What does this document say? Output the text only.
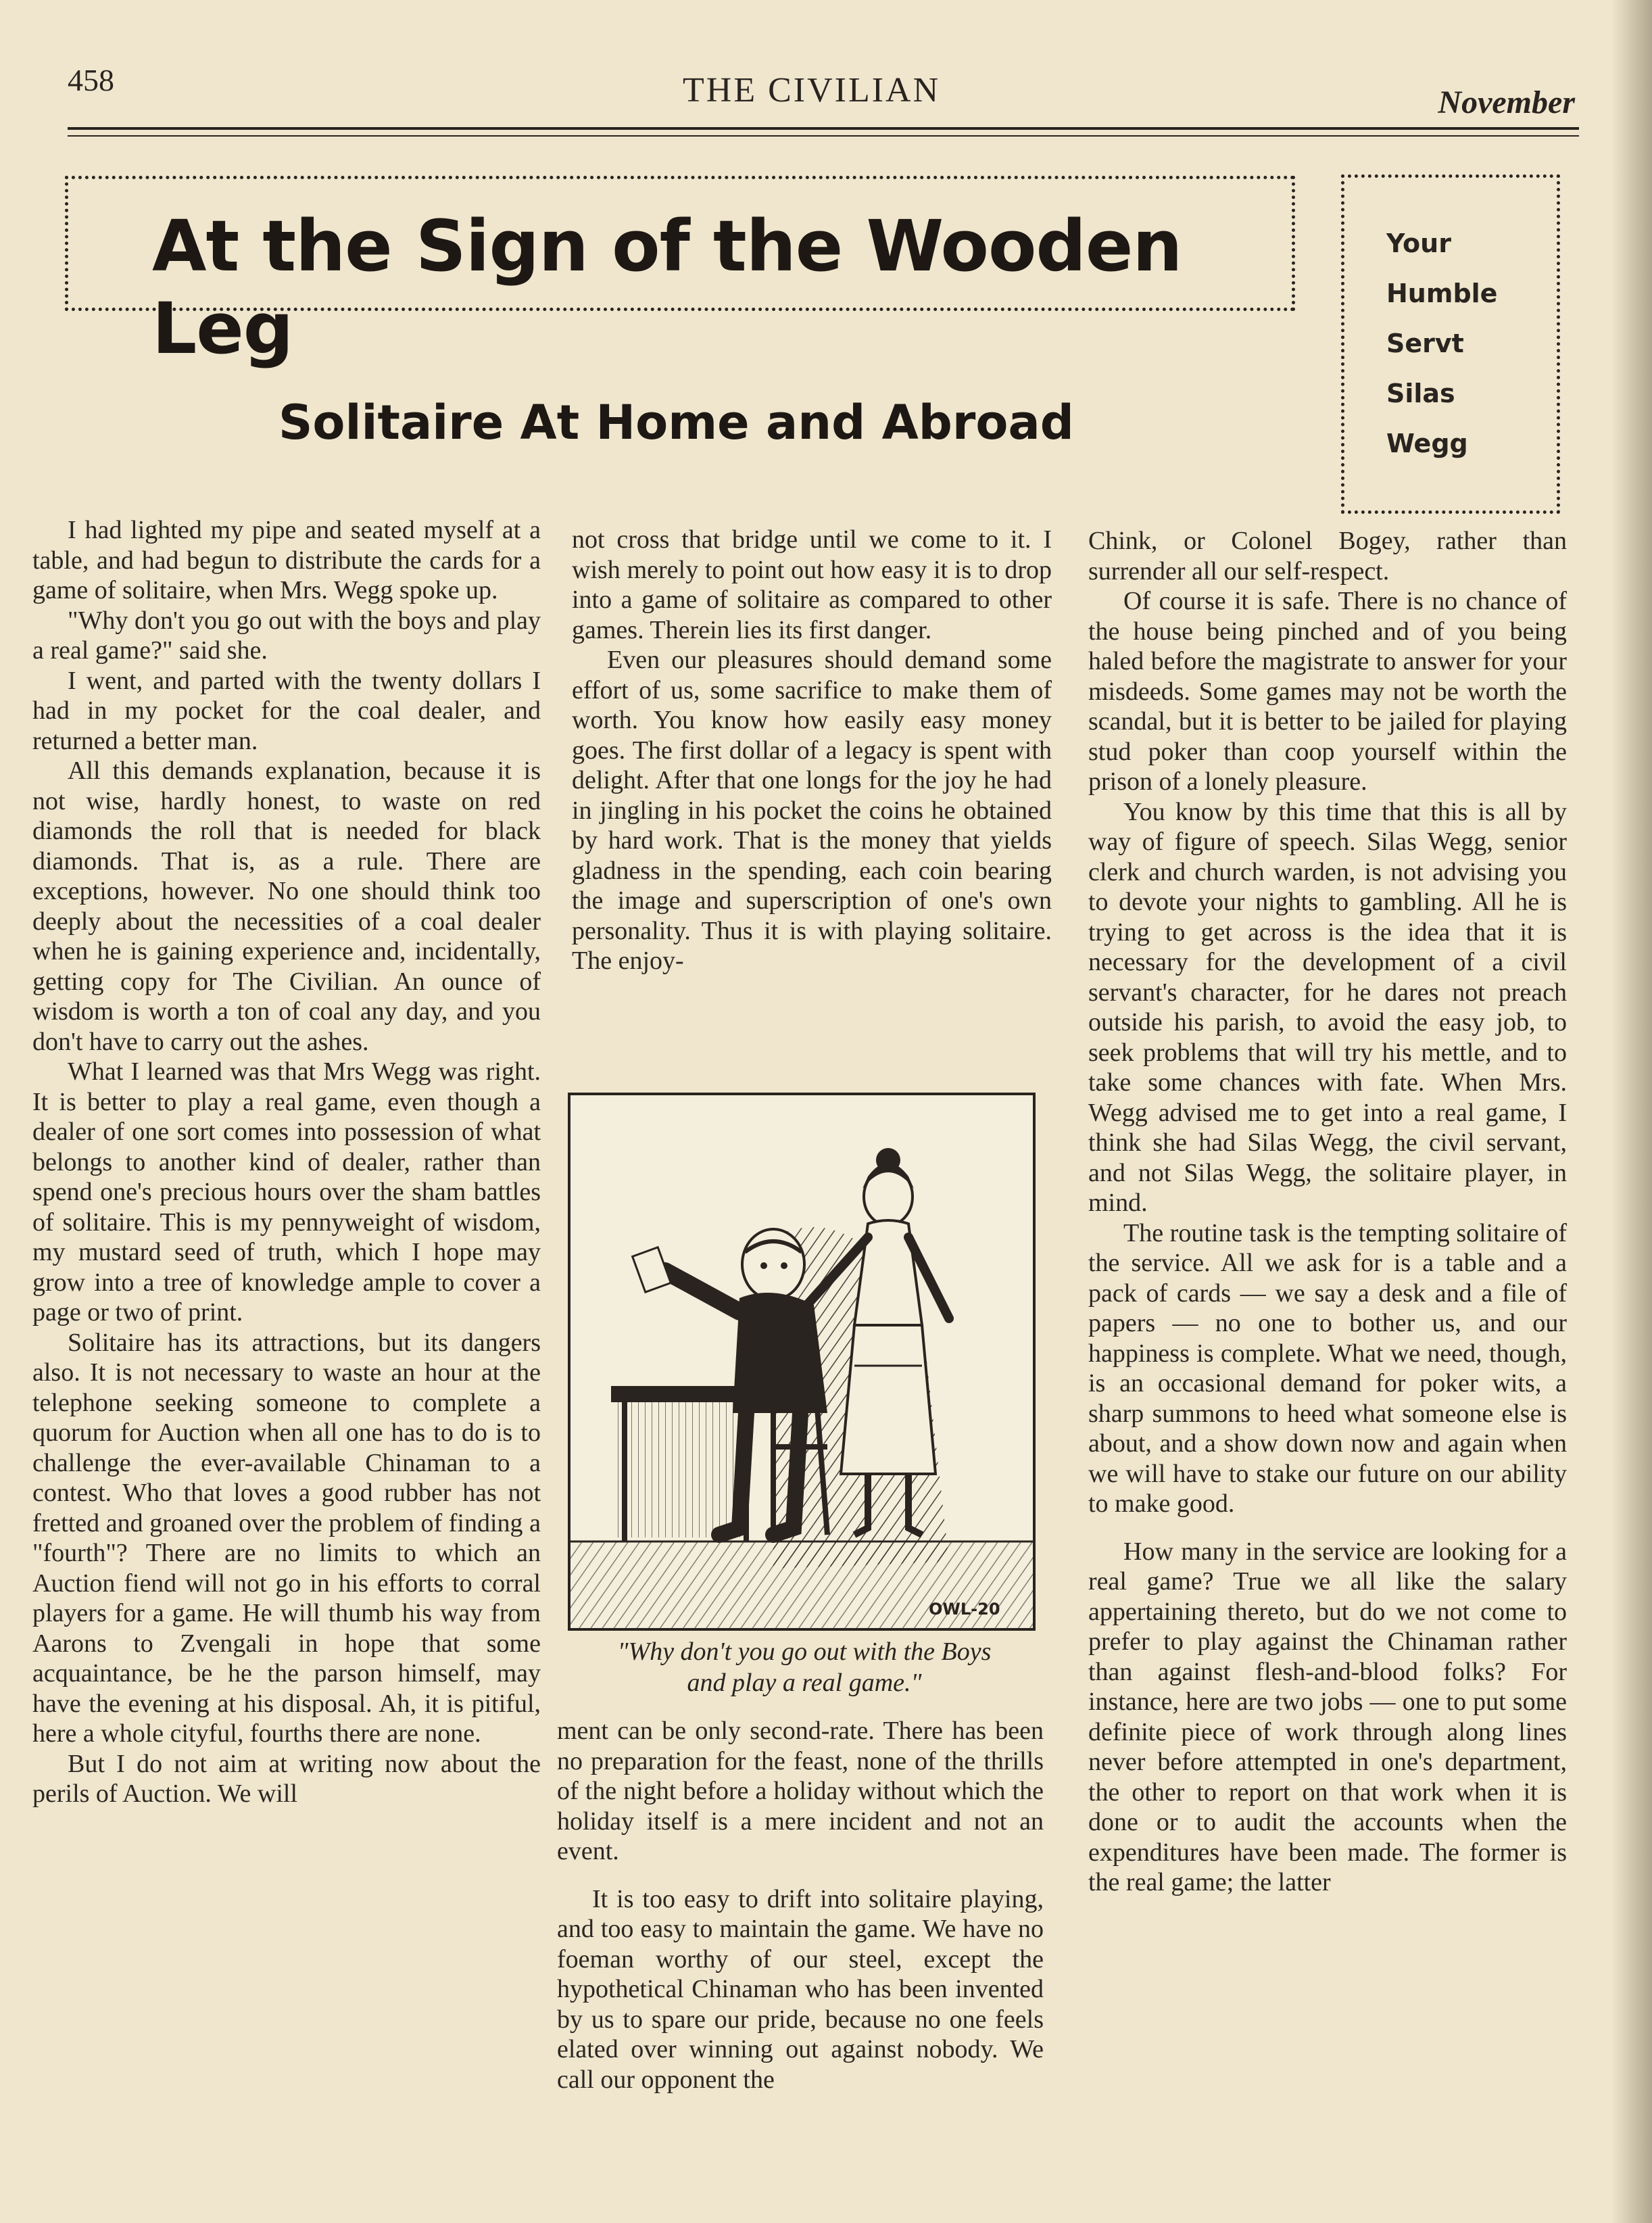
458	THE CIVILIAN	November
At the Sign of the Wooden Leg
Your
Humble
Servt
Silas
Wegg
Solitaire At Home and Abroad

I had lighted my pipe and seated myself at a table, and had begun to distribute the cards for a game of solitaire, when Mrs. Wegg spoke up.

"Why don't you go out with the boys and play a real game?" said she.

I went, and parted with the twenty dollars I had in my pocket for the coal dealer, and returned a better man.

All this demands explanation, because it is not wise, hardly honest, to waste on red diamonds the roll that is needed for black diamonds. That is, as a rule. There are exceptions, however. No one should think too deeply about the necessities of a coal dealer when he is gaining experience and, incidentally, getting copy for The Civilian. An ounce of wisdom is worth a ton of coal any day, and you don't have to carry out the ashes.

What I learned was that Mrs Wegg was right. It is better to play a real game, even though a dealer of one sort comes into possession of what belongs to another kind of dealer, rather than spend one's precious hours over the sham battles of solitaire. This is my pennyweight of wisdom, my mustard seed of truth, which I hope may grow into a tree of knowledge ample to cover a page or two of print.

Solitaire has its attractions, but its dangers also. It is not necessary to waste an hour at the telephone seeking someone to complete a quorum for Auction when all one has to do is to challenge the ever-available Chinaman to a contest. Who that loves a good rubber has not fretted and groaned over the problem of finding a "fourth"? There are no limits to which an Auction fiend will not go in his efforts to corral players for a game. He will thumb his way from Aarons to Zvengali in hope that some acquaintance, be he the parson himself, may have the evening at his disposal. Ah, it is pitiful, here a whole cityful, fourths there are none.

But I do not aim at writing now about the perils of Auction. We will

not cross that bridge until we come to it. I wish merely to point out how easy it is to drop into a game of solitaire as compared to other games. Therein lies its first danger.

Even our pleasures should demand some effort of us, some sacrifice to make them of worth. You know how easily easy money goes. The first dollar of a legacy is spent with delight. After that one longs for the joy he had in jingling in his pocket the coins he obtained by hard work. That is the money that yields gladness in the spending, each coin bearing the image and superscription of one's own personality. Thus it is with playing solitaire. The enjoy-

OWL-20
"Why don't you go out with the Boys
and play a real game."

ment can be only second-rate. There has been no preparation for the feast, none of the thrills of the night before a holiday without which the holiday itself is a mere incident and not an event.

It is too easy to drift into solitaire playing, and too easy to maintain the game. We have no foeman worthy of our steel, except the hypothetical Chinaman who has been invented by us to spare our pride, because no one feels elated over winning out against nobody. We call our opponent the

Chink, or Colonel Bogey, rather than surrender all our self-respect.

Of course it is safe. There is no chance of the house being pinched and of you being haled before the magistrate to answer for your misdeeds. Some games may not be worth the scandal, but it is better to be jailed for playing stud poker than coop yourself within the prison of a lonely pleasure.

You know by this time that this is all by way of figure of speech. Silas Wegg, senior clerk and church warden, is not advising you to devote your nights to gambling. All he is trying to get across is the idea that it is necessary for the development of a civil servant's character, for he dares not preach outside his parish, to avoid the easy job, to seek problems that will try his mettle, and to take some chances with fate. When Mrs. Wegg advised me to get into a real game, I think she had Silas Wegg, the civil servant, and not Silas Wegg, the solitaire player, in mind.

The routine task is the tempting solitaire of the service. All we ask for is a table and a pack of cards — we say a desk and a file of papers — no one to bother us, and our happiness is complete. What we need, though, is an occasional demand for poker wits, a sharp summons to heed what someone else is about, and a show down now and again when we will have to stake our future on our ability to make good.

How many in the service are looking for a real game? True we all like the salary appertaining thereto, but do we not come to prefer to play against the Chinaman rather than against flesh-and-blood folks? For instance, here are two jobs — one to put some definite piece of work through along lines never before attempted in one's department, the other to report on that work when it is done or to audit the accounts when the expenditures have been made. The former is the real game; the latter
